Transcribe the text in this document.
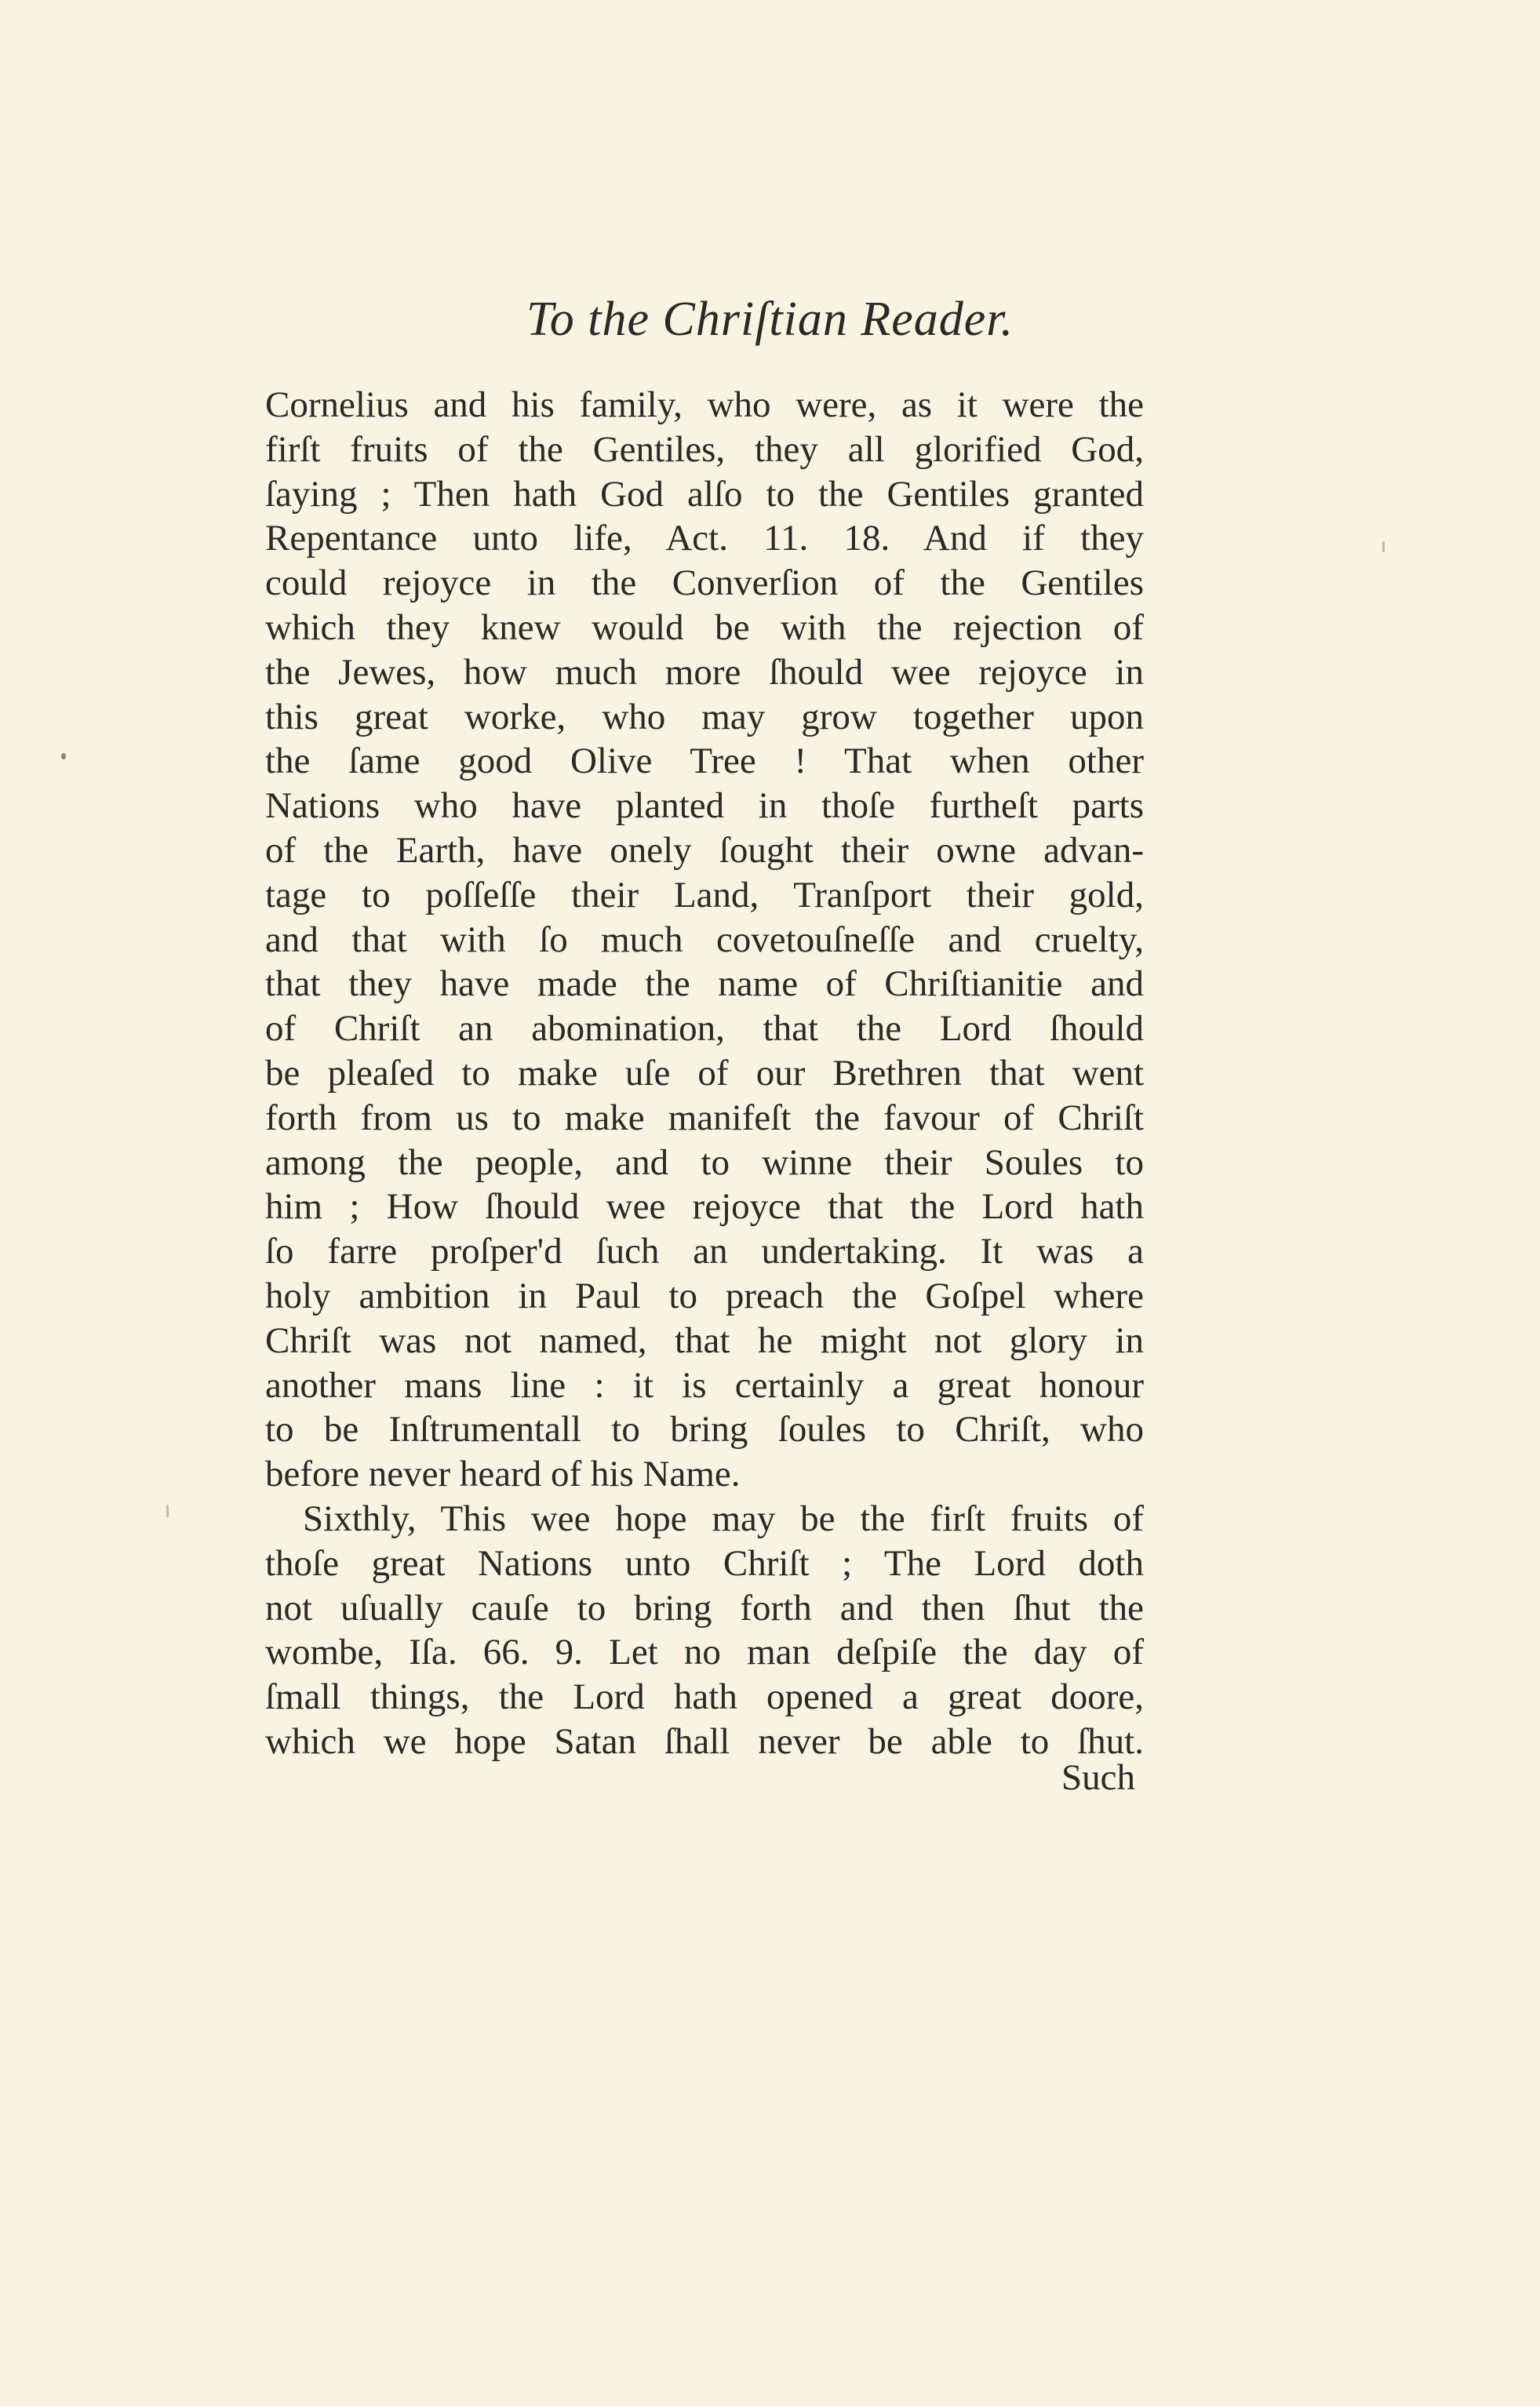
To the Chriſtian Reader.
Cornelius and his family, who were, as it were the
firſt fruits of the Gentiles, they all glorified God,
ſaying ; Then hath God alſo to the Gentiles granted
Repentance unto life, Act. 11. 18. And if they
could rejoyce in the Converſion of the Gentiles
which they knew would be with the rejection of
the Jewes, how much more ſhould wee rejoyce in
this great worke, who may grow together upon
the ſame good Olive Tree ! That when other
Nations who have planted in thoſe furtheſt parts
of the Earth, have onely ſought their owne advan-
tage to poſſeſſe their Land, Tranſport their gold,
and that with ſo much covetouſneſſe and cruelty,
that they have made the name of Chriſtianitie and
of Chriſt an abomination, that the Lord ſhould
be pleaſed to make uſe of our Brethren that went
forth from us to make manifeſt the favour of Chriſt
among the people, and to winne their Soules to
him ; How ſhould wee rejoyce that the Lord hath
ſo farre proſper'd ſuch an undertaking. It was a
holy ambition in Paul to preach the Goſpel where
Chriſt was not named, that he might not glory in
another mans line : it is certainly a great honour
to be Inſtrumentall to bring ſoules to Chriſt, who
before never heard of his Name.
Sixthly, This wee hope may be the firſt fruits of
thoſe great Nations unto Chriſt ; The Lord doth
not uſually cauſe to bring forth and then ſhut the
wombe, Iſa. 66. 9. Let no man deſpiſe the day of
ſmall things, the Lord hath opened a great doore,
which we hope Satan ſhall never be able to ſhut.
Such
